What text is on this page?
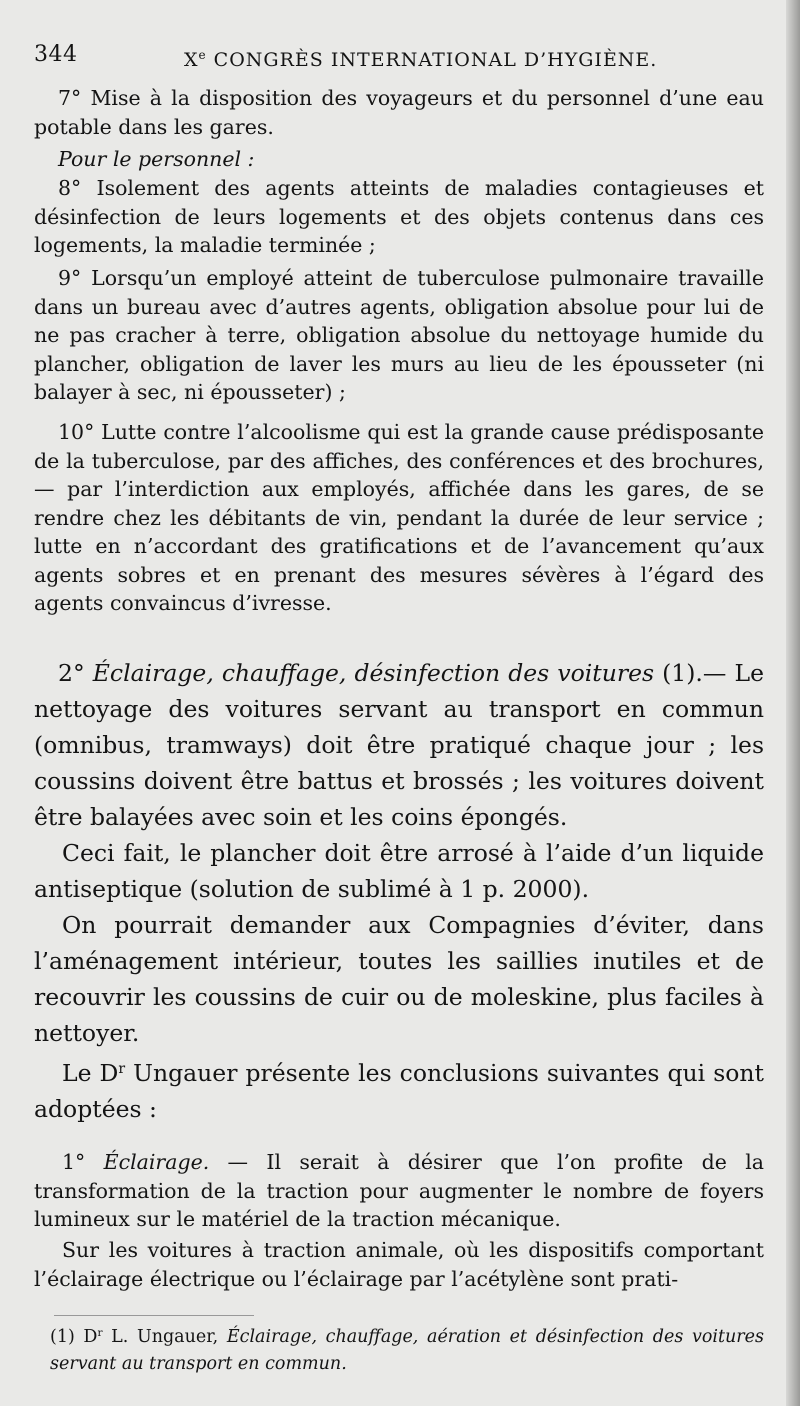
344	Xe CONGRÈS INTERNATIONAL D’HYGIÈNE.

7° Mise à la disposition des voyageurs et du personnel d’une eau potable dans les gares.

Pour le personnel :

8° Isolement des agents atteints de maladies contagieuses et désinfection de leurs logements et des objets contenus dans ces logements, la maladie terminée ;

9° Lorsqu’un employé atteint de tuberculose pulmonaire travaille dans un bureau avec d’autres agents, obligation absolue pour lui de ne pas cracher à terre, obligation absolue du nettoyage humide du plancher, obligation de laver les murs au lieu de les épousseter (ni balayer à sec, ni épousseter) ;

10° Lutte contre l’alcoolisme qui est la grande cause prédisposante de la tuberculose, par des affiches, des conférences et des brochures, — par l’interdiction aux employés, affichée dans les gares, de se rendre chez les débitants de vin, pendant la durée de leur service ; lutte en n’accordant des gratifications et de l’avancement qu’aux agents sobres et en prenant des mesures sévères à l’égard des agents convaincus d’ivresse.

2° Éclairage, chauffage, désinfection des voitures (1).— Le nettoyage des voitures servant au transport en commun (omnibus, tramways) doit être pratiqué chaque jour ; les coussins doivent être battus et brossés ; les voitures doivent être balayées avec soin et les coins épongés.

Ceci fait, le plancher doit être arrosé à l’aide d’un liquide antiseptique (solution de sublimé à 1 p. 2000).

On pourrait demander aux Compagnies d’éviter, dans l’aménagement intérieur, toutes les saillies inutiles et de recouvrir les coussins de cuir ou de moleskine, plus faciles à nettoyer.

Le $D^r$ Ungauer présente les conclusions suivantes qui sont adoptées :

1° Éclairage. — Il serait à désirer que l’on profite de la transformation de la traction pour augmenter le nombre de foyers lumineux sur le matériel de la traction mécanique.

Sur les voitures à traction animale, où les dispositifs comportant l’éclairage électrique ou l’éclairage par l’acétylène sont prati-

(1) $D^r$ L. Ungauer, Éclairage, chauffage, aération et désinfection des voitures servant au transport en commun.
